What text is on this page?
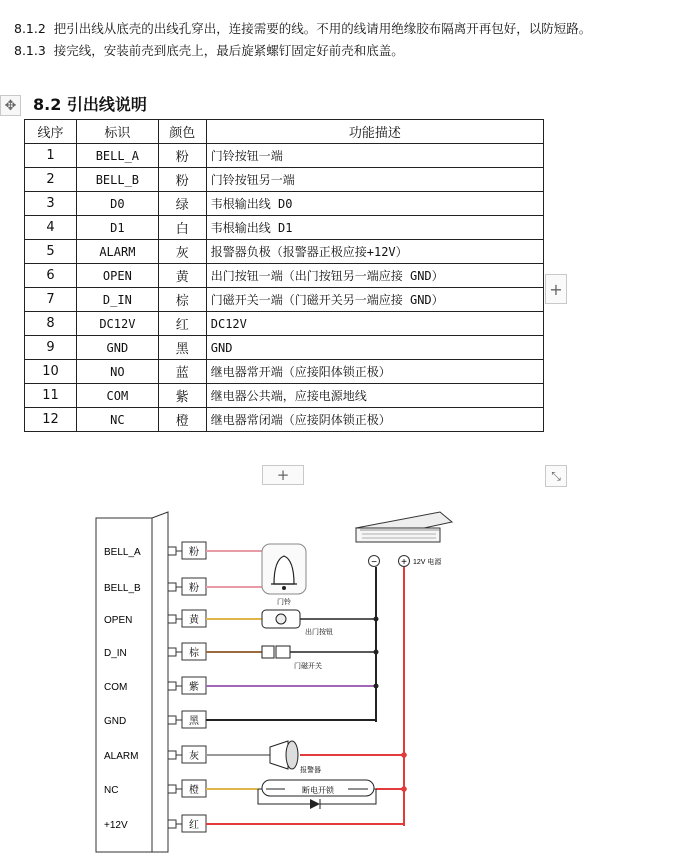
8.1.2 把引出线从底壳的出线孔穿出，连接需要的线。不用的线请用绝缘胶布隔离开再包好，以防短路。
8.1.3 接完线，安装前壳到底壳上，最后旋紧螺钉固定好前壳和底盖。
✥ 8.2 引出线说明
线序	标识	颜色	功能描述
1	BELL_A	粉	门铃按钮一端
2	BELL_B	粉	门铃按钮另一端
3	D0	绿	韦根输出线 D0
4	D1	白	韦根输出线 D1
5	ALARM	灰	报警器负极（报警器正极应接+12V）
6	OPEN	黄	出门按钮一端（出门按钮另一端应接 GND）
7	D_IN	棕	门磁开关一端（门磁开关另一端应接 GND）
8	DC12V	红	DC12V
9	GND	黑	GND
10	NO	蓝	继电器常开端（应接阳体锁正极）
11	COM	紫	继电器公共端，应接电源地线
12	NC	橙	继电器常闭端（应接阴体锁正极）
+
+	⤡
BELL_A	粉
BELL_B	粉
OPEN	黄
D_IN	棕
COM	紫
GND	黑
ALARM	灰
NC	橙
+12V	红
− + 12V 电源
门铃
出门按钮
门磁开关
报警器
断电开锁
